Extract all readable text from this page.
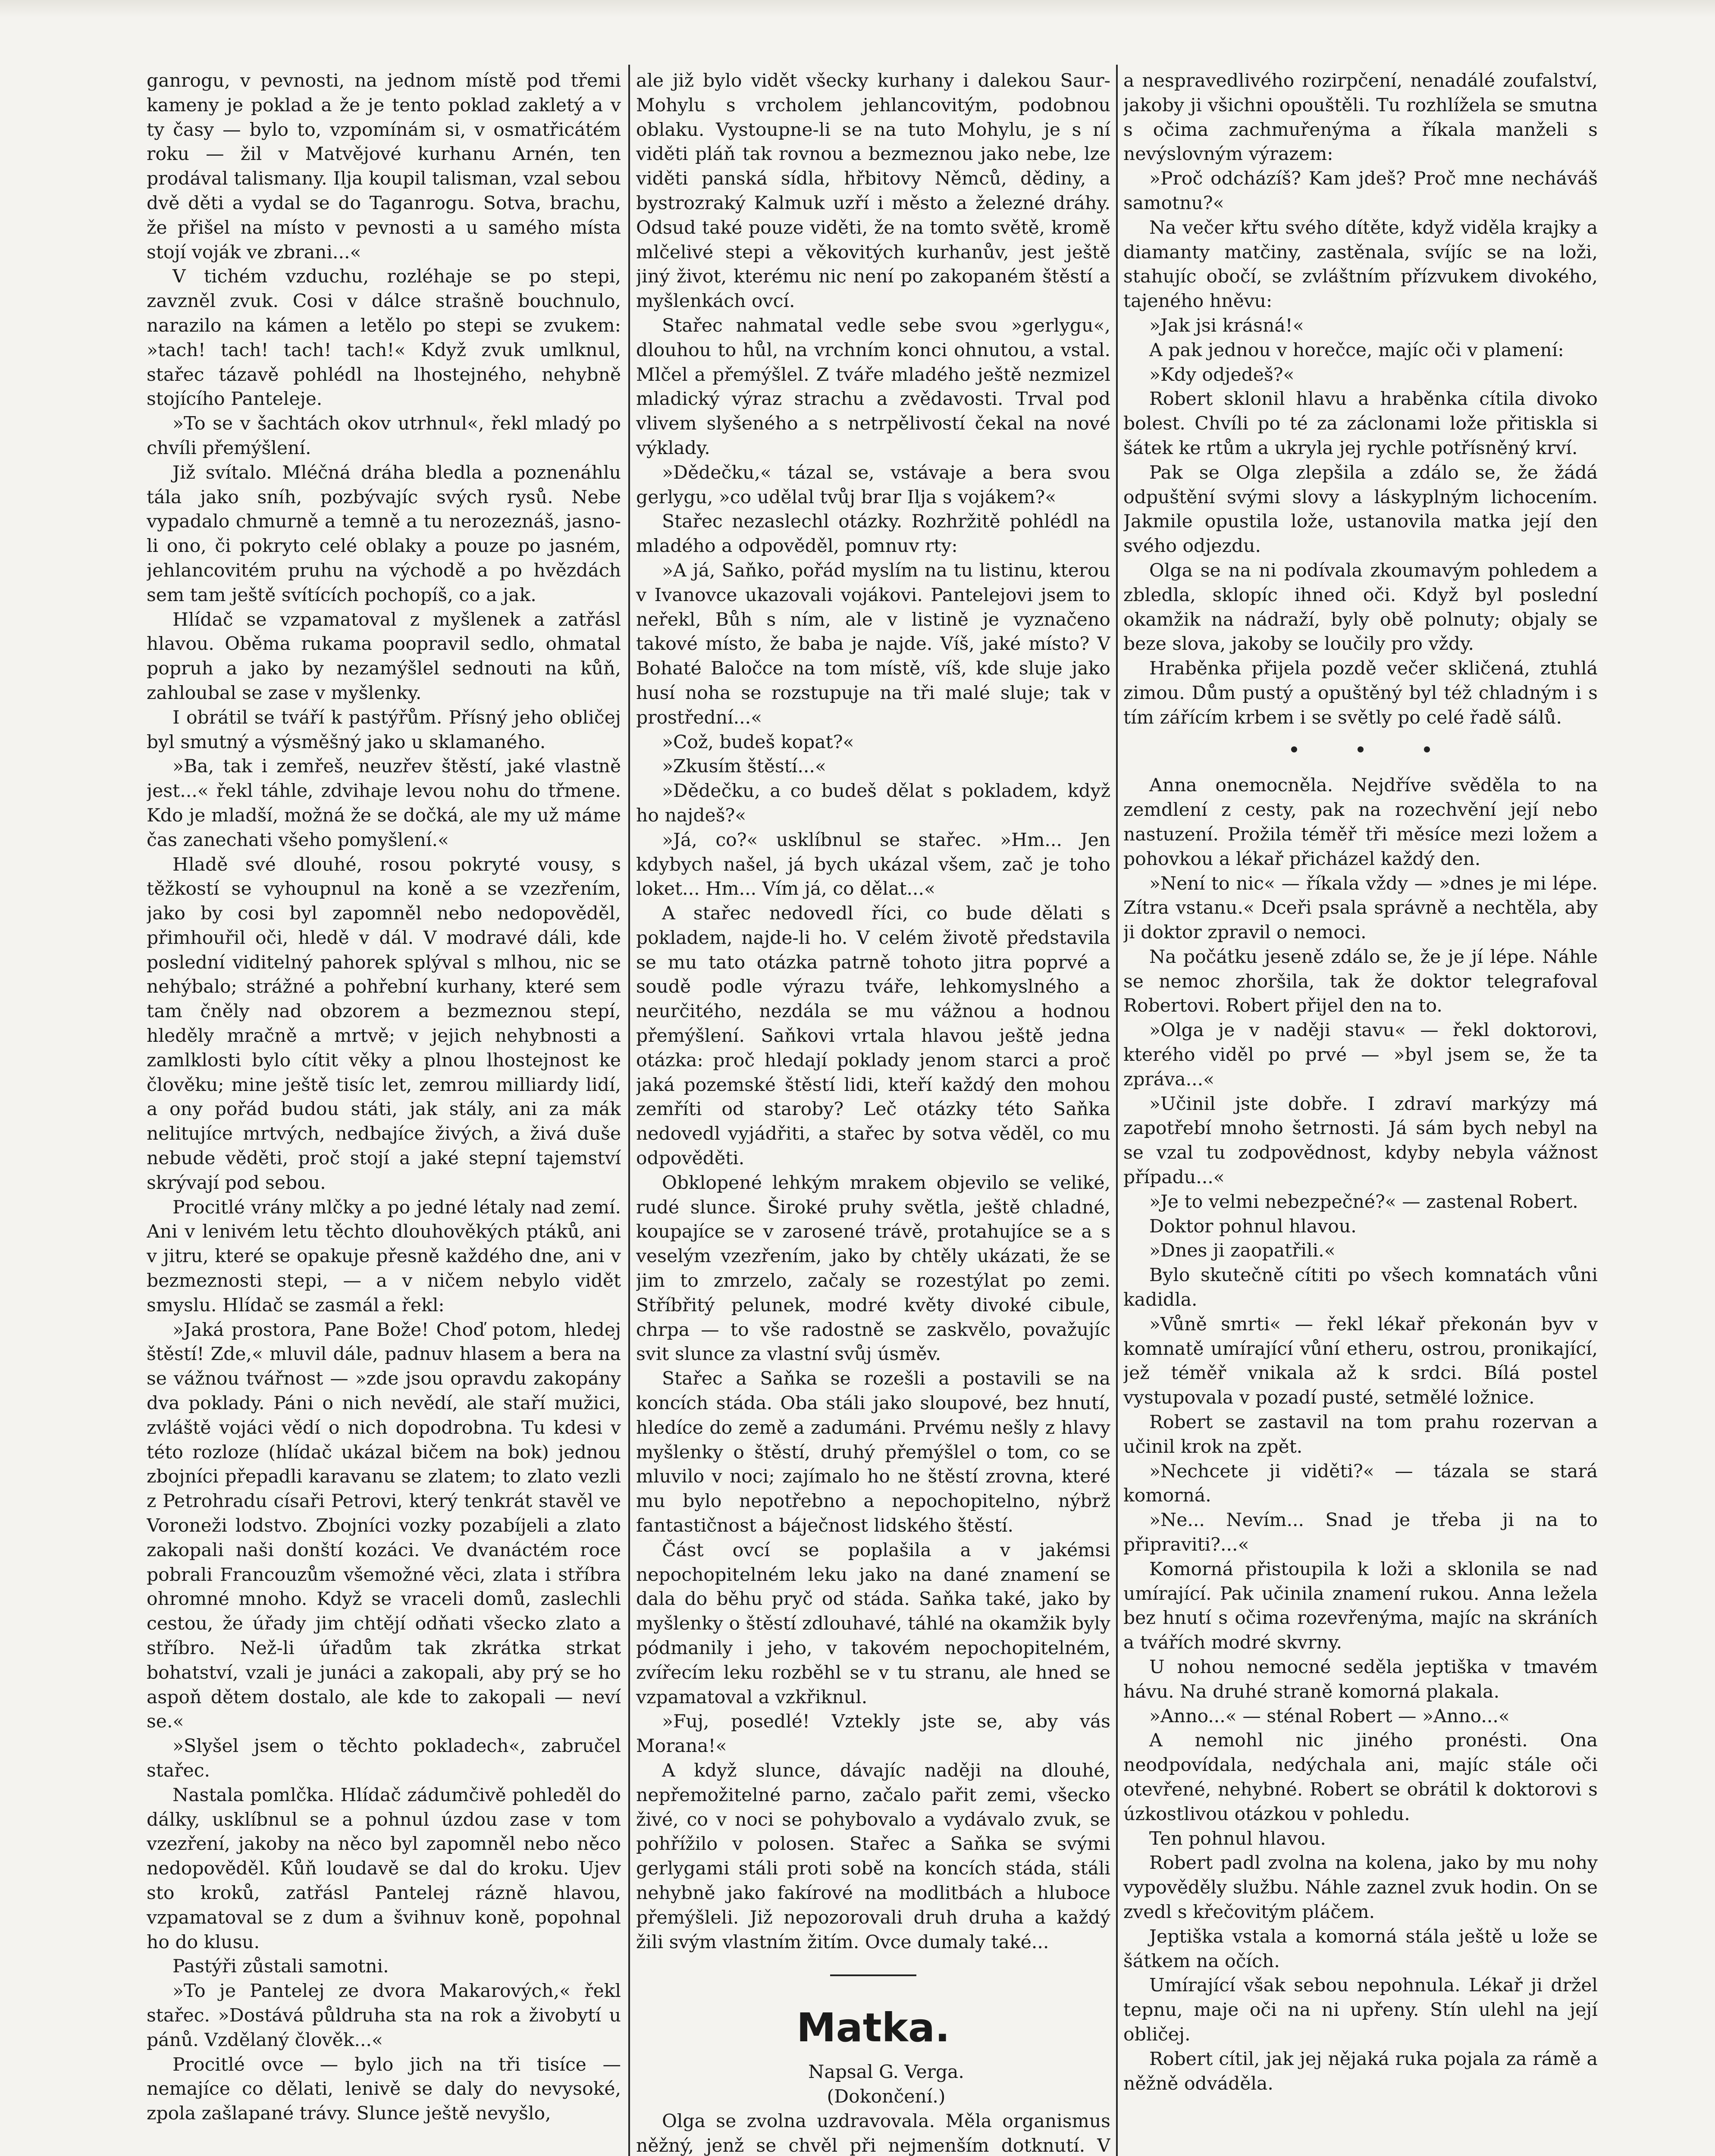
ganrogu, v pevnosti, na jednom místě pod třemi kameny je poklad a že je tento poklad zakletý a v ty časy — bylo to, vzpomínám si, v osmatřicátém roku — žil v Matvějové kurhanu Arnén, ten prodával talismany. Ilja koupil talisman, vzal sebou dvě děti a vydal se do Taganrogu. Sotva, brachu, že přišel na místo v pevnosti a u samého místa stojí voják ve zbrani...«

V tichém vzduchu, rozléhaje se po stepi, zavzněl zvuk. Cosi v dálce strašně bouchnulo, narazilo na kámen a letělo po stepi se zvukem: »tach! tach! tach! tach!« Když zvuk umlknul, stařec tázavě pohlédl na lhostejného, nehybně stojícího Panteleje.

»To se v šachtách okov utrhnul«, řekl mladý po chvíli přemýšlení.

Již svítalo. Mléčná dráha bledla a poznenáhlu tála jako sníh, pozbývajíc svých rysů. Nebe vypadalo chmurně a temně a tu nerozeznáš, jasno-li ono, či pokryto celé oblaky a pouze po jasném, jehlancovitém pruhu na východě a po hvězdách sem tam ještě svítících pochopíš, co a jak.

Hlídač se vzpamatoval z myšlenek a zatřásl hlavou. Oběma rukama poopravil sedlo, ohmatal popruh a jako by nezamýšlel sednouti na kůň, zahloubal se zase v myšlenky.

I obrátil se tváří k pastýřům. Přísný jeho obličej byl smutný a výsměšný jako u sklamaného.

»Ba, tak i zemřeš, neuzřev štěstí, jaké vlastně jest...« řekl táhle, zdvihaje levou nohu do třmene. Kdo je mladší, možná že se dočká, ale my už máme čas zanechati všeho pomyšlení.«

Hladě své dlouhé, rosou pokryté vousy, s těžkostí se vyhoupnul na koně a se vzezřením, jako by cosi byl zapomněl nebo nedopověděl, přimhouřil oči, hledě v dál. V modravé dáli, kde poslední viditelný pahorek splýval s mlhou, nic se nehýbalo; strážné a pohřební kurhany, které sem tam čněly nad obzorem a bezmeznou stepí, hleděly mračně a mrtvě; v jejich nehybnosti a zamlklosti bylo cítit věky a plnou lhostejnost ke člověku; mine ještě tisíc let, zemrou milliardy lidí, a ony pořád budou státi, jak stály, ani za mák nelitujíce mrtvých, nedbajíce živých, a živá duše nebude věděti, proč stojí a jaké stepní tajemství skrývají pod sebou.

Procitlé vrány mlčky a po jedné létaly nad zemí. Ani v lenivém letu těchto dlouhověkých ptáků, ani v jitru, které se opakuje přesně každého dne, ani v bezmeznosti stepi, — a v ničem nebylo vidět smyslu. Hlídač se zasmál a řekl:

»Jaká prostora, Pane Bože! Choď potom, hledej štěstí! Zde,« mluvil dále, padnuv hlasem a bera na se vážnou tvářnost — »zde jsou opravdu zakopány dva poklady. Páni o nich nevědí, ale staří mužici, zvláště vojáci vědí o nich dopodrobna. Tu kdesi v této rozloze (hlídač ukázal bičem na bok) jednou zbojníci přepadli karavanu se zlatem; to zlato vezli z Petrohradu císaři Petrovi, který tenkrát stavěl ve Voroneži lodstvo. Zbojníci vozky pozabíjeli a zlato zakopali naši donští kozáci. Ve dvanáctém roce pobrali Francouzům všemožné věci, zlata i stříbra ohromné mnoho. Když se vraceli domů, zaslechli cestou, že úřady jim chtějí odňati všecko zlato a stříbro. Než-li úřadům tak zkrátka strkat bohatství, vzali je junáci a zakopali, aby prý se ho aspoň dětem dostalo, ale kde to zakopali — neví se.«

»Slyšel jsem o těchto pokladech«, zabručel stařec.

Nastala pomlčka. Hlídač zádumčivě pohleděl do dálky, usklíbnul se a pohnul úzdou zase v tom vzezření, jakoby na něco byl zapomněl nebo něco nedopověděl. Kůň loudavě se dal do kroku. Ujev sto kroků, zatřásl Pantelej rázně hlavou, vzpamatoval se z dum a švihnuv koně, popohnal ho do klusu.

Pastýři zůstali samotni.

»To je Pantelej ze dvora Makarových,« řekl stařec. »Dostává půldruha sta na rok a živobytí u pánů. Vzdělaný člověk...«

Procitlé ovce — bylo jich na tři tisíce — nemajíce co dělati, lenivě se daly do nevysoké, zpola zašlapané trávy. Slunce ještě nevyšlo,

ale již bylo vidět všecky kurhany i dalekou Saur-Mohylu s vrcholem jehlancovitým, podobnou oblaku. Vystoupne-li se na tuto Mohylu, je s ní viděti pláň tak rovnou a bezmeznou jako nebe, lze viděti panská sídla, hřbitovy Němců, dědiny, a bystrozraký Kalmuk uzří i město a železné dráhy. Odsud také pouze viděti, že na tomto světě, kromě mlčelivé stepi a věkovitých kurhanův, jest ještě jiný život, kterému nic není po zakopaném štěstí a myšlenkách ovcí.

Stařec nahmatal vedle sebe svou »gerlygu«, dlouhou to hůl, na vrchním konci ohnutou, a vstal. Mlčel a přemýšlel. Z tváře mladého ještě nezmizel mladický výraz strachu a zvědavosti. Trval pod vlivem slyšeného a s netrpělivostí čekal na nové výklady.

»Dědečku,« tázal se, vstávaje a bera svou gerlygu, »co udělal tvůj brar Ilja s vojákem?«

Stařec nezaslechl otázky. Rozhržitě pohlédl na mladého a odpověděl, pomnuv rty:

»A já, Saňko, pořád myslím na tu listinu, kterou v Ivanovce ukazovali vojákovi. Pantelejovi jsem to neřekl, Bůh s ním, ale v listině je vyznačeno takové místo, že baba je najde. Víš, jaké místo? V Bohaté Baločce na tom místě, víš, kde sluje jako husí noha se rozstupuje na tři malé sluje; tak v prostřední...«

»Což, budeš kopat?«

»Zkusím štěstí...«

»Dědečku, a co budeš dělat s pokladem, když ho najdeš?«

»Já, co?« usklíbnul se stařec. »Hm... Jen kdybych našel, já bych ukázal všem, zač je toho loket... Hm... Vím já, co dělat...«

A stařec nedovedl říci, co bude dělati s pokladem, najde-li ho. V celém životě představila se mu tato otázka patrně tohoto jitra poprvé a soudě podle výrazu tváře, lehkomyslného a neurčitého, nezdála se mu vážnou a hodnou přemýšlení. Saňkovi vrtala hlavou ještě jedna otázka: proč hledají poklady jenom starci a proč jaká pozemské štěstí lidi, kteří každý den mohou zemříti od staroby? Leč otázky této Saňka nedovedl vyjádřiti, a stařec by sotva věděl, co mu odpověděti.

Obklopené lehkým mrakem objevilo se veliké, rudé slunce. Široké pruhy světla, ještě chladné, koupajíce se v zarosené trávě, protahujíce se a s veselým vzezřením, jako by chtěly ukázati, že se jim to zmrzelo, začaly se rozestýlat po zemi. Stříbřitý pelunek, modré květy divoké cibule, chrpa — to vše radostně se zaskvělo, považujíc svit slunce za vlastní svůj úsměv.

Stařec a Saňka se rozešli a postavili se na koncích stáda. Oba stáli jako sloupové, bez hnutí, hledíce do země a zadumáni. Prvému nešly z hlavy myšlenky o štěstí, druhý přemýšlel o tom, co se mluvilo v noci; zajímalo ho ne štěstí zrovna, které mu bylo nepotřebno a nepochopitelno, nýbrž fantastičnost a báječnost lidského štěstí.

Část ovcí se poplašila a v jakémsi nepochopitelném leku jako na dané znamení se dala do běhu pryč od stáda. Saňka také, jako by myšlenky o štěstí zdlouhavé, táhlé na okamžik byly pódmanily i jeho, v takovém nepochopitelném, zvířecím leku rozběhl se v tu stranu, ale hned se vzpamatoval a vzkřiknul.

»Fuj, posedlé! Vztekly jste se, aby vás Morana!«

A když slunce, dávajíc naději na dlouhé, nepřemožitelné parno, začalo pařit zemi, všecko živé, co v noci se pohybovalo a vydávalo zvuk, se pohřížilo v polosen. Stařec a Saňka se svými gerlygami stáli proti sobě na koncích stáda, stáli nehybně jako fakírové na modlitbách a hluboce přemýšleli. Již nepozorovali druh druha a každý žili svým vlastním žitím. Ovce dumaly také...

Matka.

Napsal G. Verga.

(Dokončení.)

Olga se zvolna uzdravovala. Měla organismus něžný, jenž se chvěl při nejmenším dotknutí. V

a nespravedlivého rozirpčení, nenadálé zoufalství, jakoby ji všichni opouštěli. Tu rozhlížela se smutna s očima zachmuřenýma a říkala manželi s nevýslovným výrazem:

»Proč odcházíš? Kam jdeš? Proč mne necháváš samotnu?«

Na večer křtu svého dítěte, když viděla krajky a diamanty matčiny, zastěnala, svíjíc se na loži, stahujíc obočí, se zvláštním přízvukem divokého, tajeného hněvu:

»Jak jsi krásná!«

A pak jednou v horečce, majíc oči v plamení:

»Kdy odjedeš?«

Robert sklonil hlavu a hraběnka cítila divoko bolest. Chvíli po té za záclonami lože přitiskla si šátek ke rtům a ukryla jej rychle potřísněný krví.

Pak se Olga zlepšila a zdálo se, že žádá odpuštění svými slovy a láskyplným lichocením. Jakmile opustila lože, ustanovila matka její den svého odjezdu.

Olga se na ni podívala zkoumavým pohledem a zbledla, sklopíc ihned oči. Když byl poslední okamžik na nádraží, byly obě polnuty; objaly se beze slova, jakoby se loučily pro vždy.

Hraběnka přijela pozdě večer skličená, ztuhlá zimou. Dům pustý a opuštěný byl též chladným i s tím zářícím krbem i se světly po celé řadě sálů.

Anna onemocněla. Nejdříve svěděla to na zemdlení z cesty, pak na rozechvění její nebo nastuzení. Prožila téměř tři měsíce mezi ložem a pohovkou a lékař přicházel každý den.

»Není to nic« — říkala vždy — »dnes je mi lépe. Zítra vstanu.« Dceři psala správně a nechtěla, aby ji doktor zpravil o nemoci.

Na počátku jeseně zdálo se, že je jí lépe. Náhle se nemoc zhoršila, tak že doktor telegrafoval Robertovi. Robert přijel den na to.

»Olga je v naději stavu« — řekl doktorovi, kterého viděl po prvé — »byl jsem se, že ta zpráva...«

»Učinil jste dobře. I zdraví markýzy má zapotřebí mnoho šetrnosti. Já sám bych nebyl na se vzal tu zodpovědnost, kdyby nebyla vážnost případu...«

»Je to velmi nebezpečné?« — zastenal Robert.

Doktor pohnul hlavou.

»Dnes ji zaopatřili.«

Bylo skutečně cítiti po všech komnatách vůni kadidla.

»Vůně smrti« — řekl lékař překonán byv v komnatě umírající vůní etheru, ostrou, pronikající, jež téměř vnikala až k srdci. Bílá postel vystupovala v pozadí pusté, setmělé ložnice.

Robert se zastavil na tom prahu rozervan a učinil krok na zpět.

»Nechcete ji viděti?« — tázala se stará komorná.

»Ne... Nevím... Snad je třeba ji na to připraviti?...«

Komorná přistoupila k loži a sklonila se nad umírající. Pak učinila znamení rukou. Anna ležela bez hnutí s očima rozevřenýma, majíc na skráních a tvářích modré skvrny.

U nohou nemocné seděla jeptiška v tmavém hávu. Na druhé straně komorná plakala.

»Anno...« — sténal Robert — »Anno...«

A nemohl nic jiného pronésti. Ona neodpovídala, nedýchala ani, majíc stále oči otevřené, nehybné. Robert se obrátil k doktorovi s úzkostlivou otázkou v pohledu.

Ten pohnul hlavou.

Robert padl zvolna na kolena, jako by mu nohy vypověděly službu. Náhle zaznel zvuk hodin. On se zvedl s křečovitým pláčem.

Jeptiška vstala a komorná stála ještě u lože se šátkem na očích.

Umírající však sebou nepohnula. Lékař ji držel tepnu, maje oči na ni upřeny. Stín ulehl na její obličej.

Robert cítil, jak jej nějaká ruka pojala za rámě a něžně odváděla.
